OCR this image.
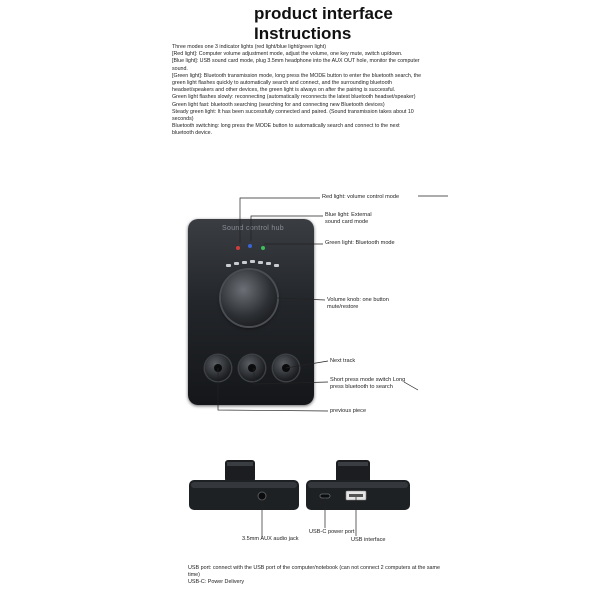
product interface
Instructions

Three modes one 3 indicator lights (red light/blue light/green light)

[Red light]: Computer volume adjustment mode, adjust the volume, one key mute, switch up/down.

[Blue light]: USB sound card mode, plug 3.5mm headphone into the AUX OUT hole, monitor the computer sound.

[Green light]: Bluetooth transmission mode, long press the MODE button to enter the bluetooth search, the green light flashes quickly to automatically search and connect, and the surrounding bluetooth headset/speakers and other devices, the green light is always on after the pairing is successful.

Green light flashes slowly: reconnecting (automatically reconnects the latest bluetooth headset/speaker)

Green light fast: bluetooth searching (searching for and connecting new Bluetooth devices)

Steady green light: It has been successfully connected and paired. (Sound transmission takes about 10 seconds)

Bluetooth switching: long press the MODE button to automatically search and connect to the next bluetooth device.

Sound control hub
Red light: volume control mode
Blue light: External sound card mode
Green light: Bluetooth mode
Volume knob: one button mute/restore
Next track
Short press mode switch Long press bluetooth to search
previous piece
3.5mm AUX audio jack
USB-C power port
USB interface

USB port: connect with the USB port of the computer/notebook (can not connect 2 computers at the same time)

USB-C: Power Delivery
